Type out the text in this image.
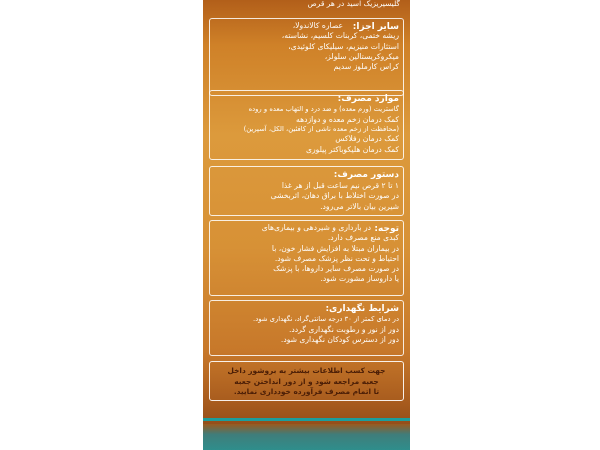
گلیسیریزیک اسید در هر قرص
سایر اجزا:
عصاره کالاندولا،
ریشه ختمی، کربنات کلسیم، نشاسته،
استئارات منیزیم، سیلیکای کلوئیدی،
میکروکریستالین سلولز،
کراس کارملوز سدیم
موارد مصرف:
گاستریت (ورم معده) و ضد درد و التهاب معده و روده
کمک درمان زخم معده و دوازدهه
(محافظت از زخم معده ناشی از کافئین، الکل، آسپرین)
کمک درمان رفلاکس
کمک درمان هلیکوباکتر پیلوری
دستور مصرف:
۱ تا ۲ قرص نیم ساعت قبل از هر غذا
در صورت اختلاط با براق دهان، اثربخشی
شیرین بیان بالاتر می‌رود.
توجه:
در بارداری و شیردهی و بیماری‌های
کبدی منع مصرف دارد.
در بیماران مبتلا به افزایش فشار خون، با
احتیاط و تحت نظر پزشک مصرف شود.
در صورت مصرف سایر داروها، با پزشک
یا داروساز مشورت شود.
شرایط نگهداری:
در دمای کمتر از ۳۰ درجه سانتی‌گراد، نگهداری شود.
دور از نور و رطوبت نگهداری گردد.
دور از دسترس کودکان نگهداری شود.
جهت کسب اطلاعات بیشتر به بروشور داخل
جعبه مراجعه شود و از دور انداختن جعبه
تا اتمام مصرف فرآورده خودداری نمایید.
